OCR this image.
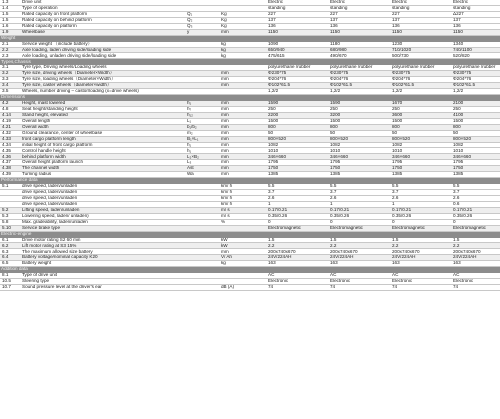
1.3	Drive unit			Electric	Electric	Electric	Electric
1.4	Type of operation			standing	standing	standing	standing
1.5	Rated capacity on front platform	Q₁	Kg	227	227	227	Δ227
1.5	Rated capacity on behind platform	Q₂	Kg	137	137	137	137
1.6	Rated capacity on platform	Q₃	Kg	136	136	136	136
1.9	Wheelbase	y	mm	1150	1150	1150	1150
Weight							
2.1	Service weight （include battery）		kg	1090	1180	1230	1340
2.2	Axle loading, laden driving side/loading side		kg	650/940	680/980	710/1020	740/1100
2.3	Axle loading, unladen driving side/loading side		kg	475/615	490/670	500/730	520/820
Types,Chassis							
3.1	Tyre type, Driving wheels/Loading wheels			polyurethane /rubber	polyurethane /rubber	polyurethane /rubber	polyurethane /rubber
3.2	Tyre size, driving wheels（Diameter×Width）		mm	Φ230*75	Φ230*75	Φ230*75	Φ230*75
3.3	Tyre size, loading wheels（Diameter×Width）		mm	Φ204*76	Φ204*76	Φ204*76	Φ204*76
3.4	Tyre size, caster wheels（diameter×width）		mm	Φ102*61.5	Φ102*61.5	Φ102*61.5	Φ102*61.5
3.5	Wheels, number driving – castor/loading (x=drive wheels)			1,2/2	1,2/2	1,2/2	1,2/2
Dimensions							
4.2	Height, mast lowered	h₁	mm	1590	1590	1670	2100
4.8	Seat height/standing height	h₇	mm	250	250	250	250
4.14	Stand height, elevated	h₁₂	mm	2200	3200	3600	4100
4.19	Overall length	L₁	mm	1500	1500	1500	1500
4.21	Overall width	b₁/b₂	mm	800	800	800	800
4.32	Ground clearance, center of wheelbase	m₂	mm	50	50	50	50
4.33	front cargo platform length	B₁×L₁	mm	800×520	800×520	800×520	800×520
4.34	initial height of front cargo platform	h₁	mm	1082	1082	1082	1082
4.35	Control handle height	h₁	mm	1010	1010	1010	1010
4.36	behind platform width	L₂×B₂	mm	346×660	346×660	346×660	346×660
4.37	Overall height platform launch	L₃	mm	1795	1795	1795	1795
4.38	The channel width	Ast	mm	1750	1750	1750	1750
4.39	Turning radius	Wa	mm	1385	1385	1385	1385
Performance data							
5.1	drive speed, laden/unladen		km/ h	5.5	5.5	5.5	5.5
	drive speed, laden/unladen		km/ h	3.7	3.7	3.7	3.7
	drive speed, laden/unladen		km/ h	2.6	2.6	2.6	2.6
	drive speed, laden/unladen		km/ h	1	1	1	0.6
5.2	Lifting speed, laden/unladen		m/ s	0.17/0.21	0.17/0.21	0.17/0.21	0.17/0.21
5.3	Lowering speed, laden/ unladen)		m/ s	0.35/0.26	0.35/0.26	0.35/0.26	0.35/0.26
5.8	Max. gradeability, laden/unladen		%	0	0	0	0
5.10	Service brake type			Electromagnetic	Electromagnetic	Electromagnetic	Electromagnetic
Electric-engine							
6.1	Drive motor rating S2 60 min		kW	1.5	1.5	1.5	1.5
6.2	Lift motor rating at S3 15%		kW	2.2	2.2	2.2	2.2
6.3	The maximum allowed size battery		mm	200x740x670	200x740x670	200x740x670	200x740x670
6.4	Battery voltage/nominal capacity K20		V/ Ah	24V/224AH	24V/224AH	24V/224AH	24V/224AH
6.5	Battery weight		kg	163	163	163	163
Addition data							
8.1	Type of drive unit			AC	AC	AC	AC
10.5	Steering type			Electronic	Electronic	Electronic	Electronic
10.7	Sound pressure level at the driver's ear		dB (A)	74	74	74	74
